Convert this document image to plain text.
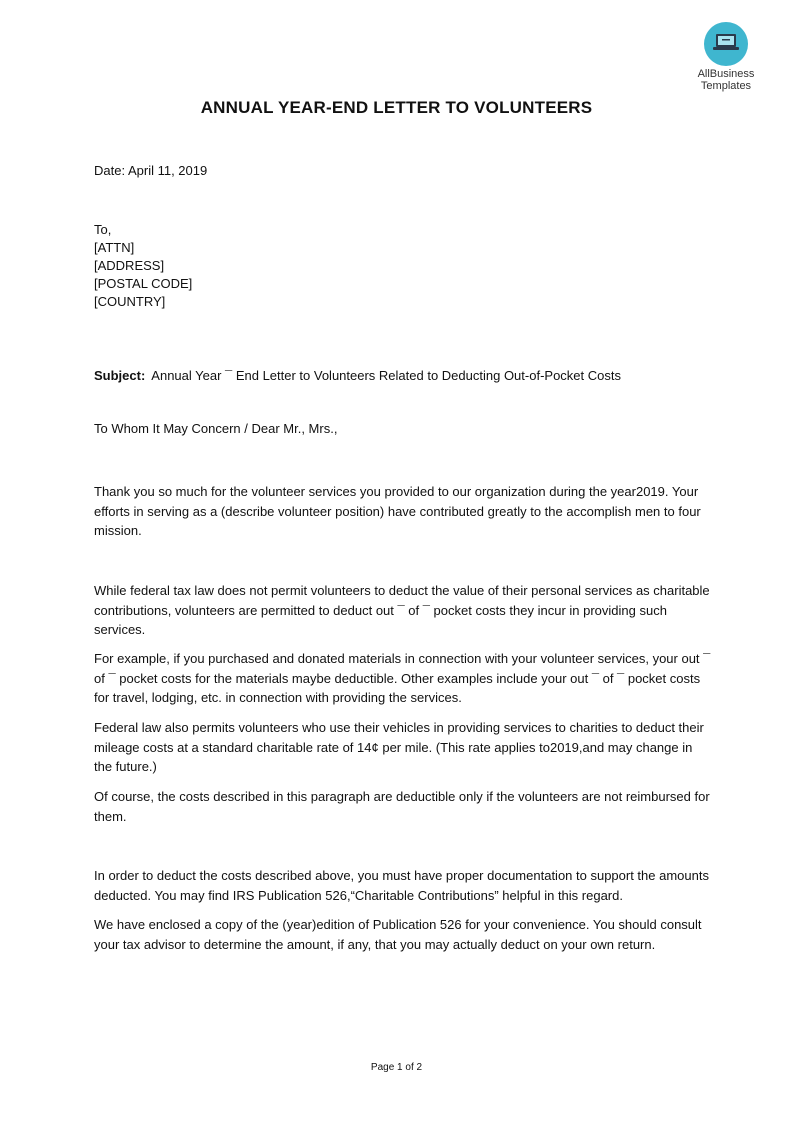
AllBusiness
Templates
ANNUAL YEAR-END LETTER TO VOLUNTEERS
Date: April 11, 2019
To,
[ATTN]
[ADDRESS]
[POSTAL CODE]
[COUNTRY]
Subject: Annual Year ¯ End Letter to Volunteers Related to Deducting Out-of-Pocket Costs
To Whom It May Concern / Dear Mr., Mrs.,
Thank you so much for the volunteer services you provided to our organization during the year2019. Your efforts in serving as a (describe volunteer position) have contributed greatly to the accomplish men to four mission.
While federal tax law does not permit volunteers to deduct the value of their personal services as charitable contributions, volunteers are permitted to deduct out ¯ of ¯ pocket costs they incur in providing such services.
For example, if you purchased and donated materials in connection with your volunteer services, your out ¯ of ¯ pocket costs for the materials maybe deductible. Other examples include your out ¯ of ¯ pocket costs for travel, lodging, etc. in connection with providing the services.
Federal law also permits volunteers who use their vehicles in providing services to charities to deduct their mileage costs at a standard charitable rate of 14¢ per mile. (This rate applies to2019,and may change in the future.)
Of course, the costs described in this paragraph are deductible only if the volunteers are not reimbursed for them.
In order to deduct the costs described above, you must have proper documentation to support the amounts deducted. You may find IRS Publication 526,“Charitable Contributions” helpful in this regard.
We have enclosed a copy of the (year)edition of Publication 526 for your convenience. You should consult your tax advisor to determine the amount, if any, that you may actually deduct on your own return.
Page 1 of 2
